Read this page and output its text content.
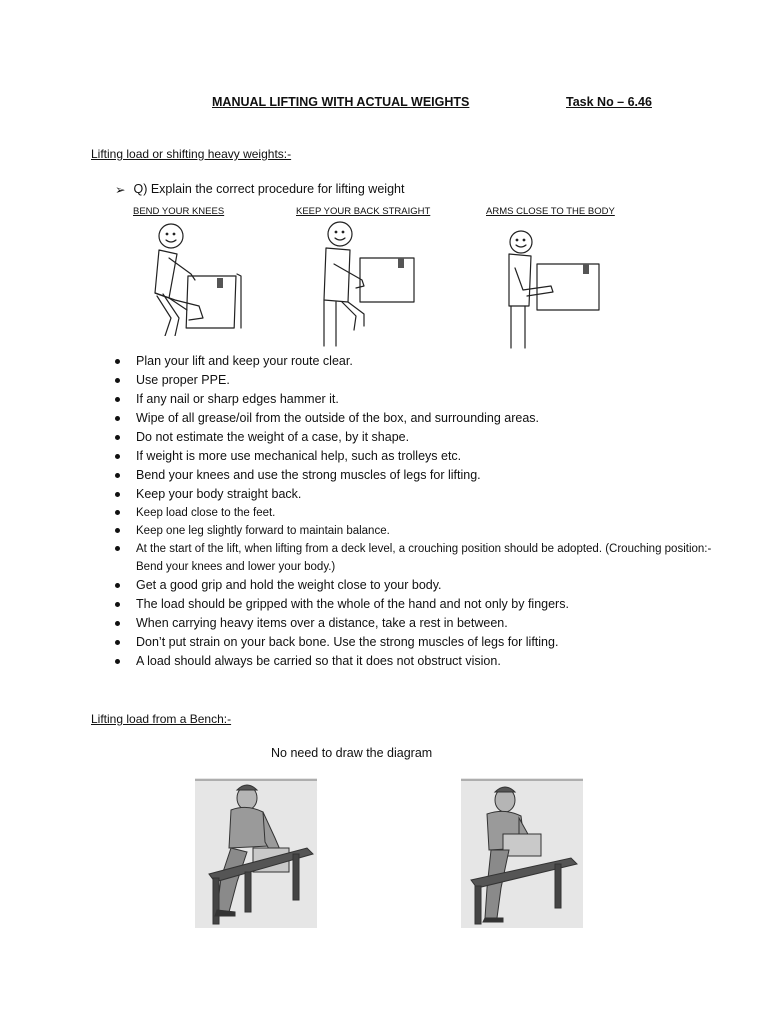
MANUAL LIFTING WITH ACTUAL WEIGHTS	Task No – 6.46
Lifting load or shifting heavy weights:-
➢ Q) Explain the correct procedure for lifting weight
BEND YOUR KNEES	KEEP YOUR BACK STRAIGHT	ARMS CLOSE TO THE BODY
Plan your lift and keep your route clear.
Use proper PPE.
If any nail or sharp edges hammer it.
Wipe of all grease/oil from the outside of the box, and surrounding areas.
Do not estimate the weight of a case, by it shape.
If weight is more use mechanical help, such as trolleys etc.
Bend your knees and use the strong muscles of legs for lifting.
Keep your body straight back.
Keep load close to the feet.
Keep one leg slightly forward to maintain balance.
At the start of the lift, when lifting from a deck level, a crouching position should be adopted. (Crouching position:- Bend your knees and lower your body.)
Get a good grip and hold the weight close to your body.
The load should be gripped with the whole of the hand and not only by fingers.
When carrying heavy items over a distance, take a rest in between.
Don’t put strain on your back bone. Use the strong muscles of legs for lifting.
A load should always be carried so that it does not obstruct vision.
Lifting load from a Bench:-
No need to draw the diagram
